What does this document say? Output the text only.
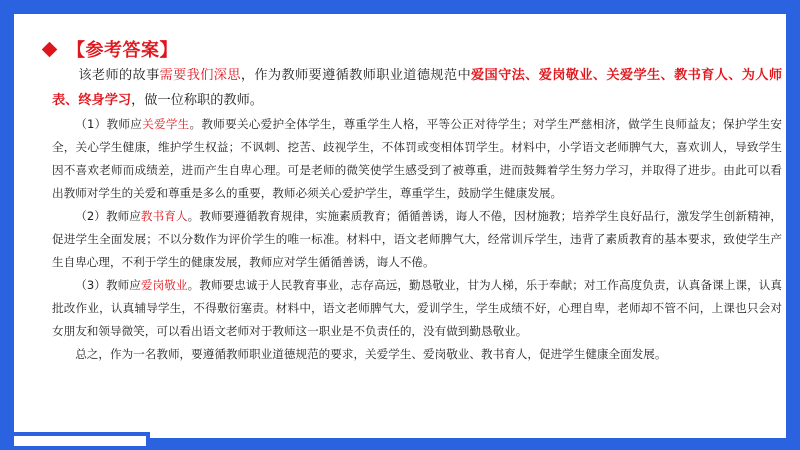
【参考答案】

该老师的故事需要我们深思，作为教师要遵循教师职业道德规范中爱国守法、爱岗敬业、关爱学生、教书育人、为人师表、终身学习，做一位称职的教师。

（1）教师应关爱学生。教师要关心爱护全体学生，尊重学生人格，平等公正对待学生；对学生严慈相济，做学生良师益友；保护学生安全，关心学生健康，维护学生权益；不讽刺、挖苦、歧视学生，不体罚或变相体罚学生。材料中，小学语文老师脾气大，喜欢训人，导致学生因不喜欢老师而成绩差，进而产生自卑心理。可是老师的微笑使学生感受到了被尊重，进而鼓舞着学生努力学习，并取得了进步。由此可以看出教师对学生的关爱和尊重是多么的重要，教师必须关心爱护学生，尊重学生，鼓励学生健康发展。

（2）教师应教书育人。教师要遵循教育规律，实施素质教育；循循善诱，诲人不倦，因材施教；培养学生良好品行，激发学生创新精神，促进学生全面发展；不以分数作为评价学生的唯一标准。材料中，语文老师脾气大，经常训斥学生，违背了素质教育的基本要求，致使学生产生自卑心理，不利于学生的健康发展，教师应对学生循循善诱，诲人不倦。

（3）教师应爱岗敬业。教师要忠诚于人民教育事业，志存高远，勤恳敬业，甘为人梯，乐于奉献；对工作高度负责，认真备课上课，认真批改作业，认真辅导学生，不得敷衍塞责。材料中，语文老师脾气大，爱训学生，学生成绩不好，心理自卑，老师却不管不问，上课也只会对女朋友和领导微笑，可以看出语文老师对于教师这一职业是不负责任的，没有做到勤恳敬业。

总之，作为一名教师，要遵循教师职业道德规范的要求，关爱学生、爱岗敬业、教书育人，促进学生健康全面发展。
